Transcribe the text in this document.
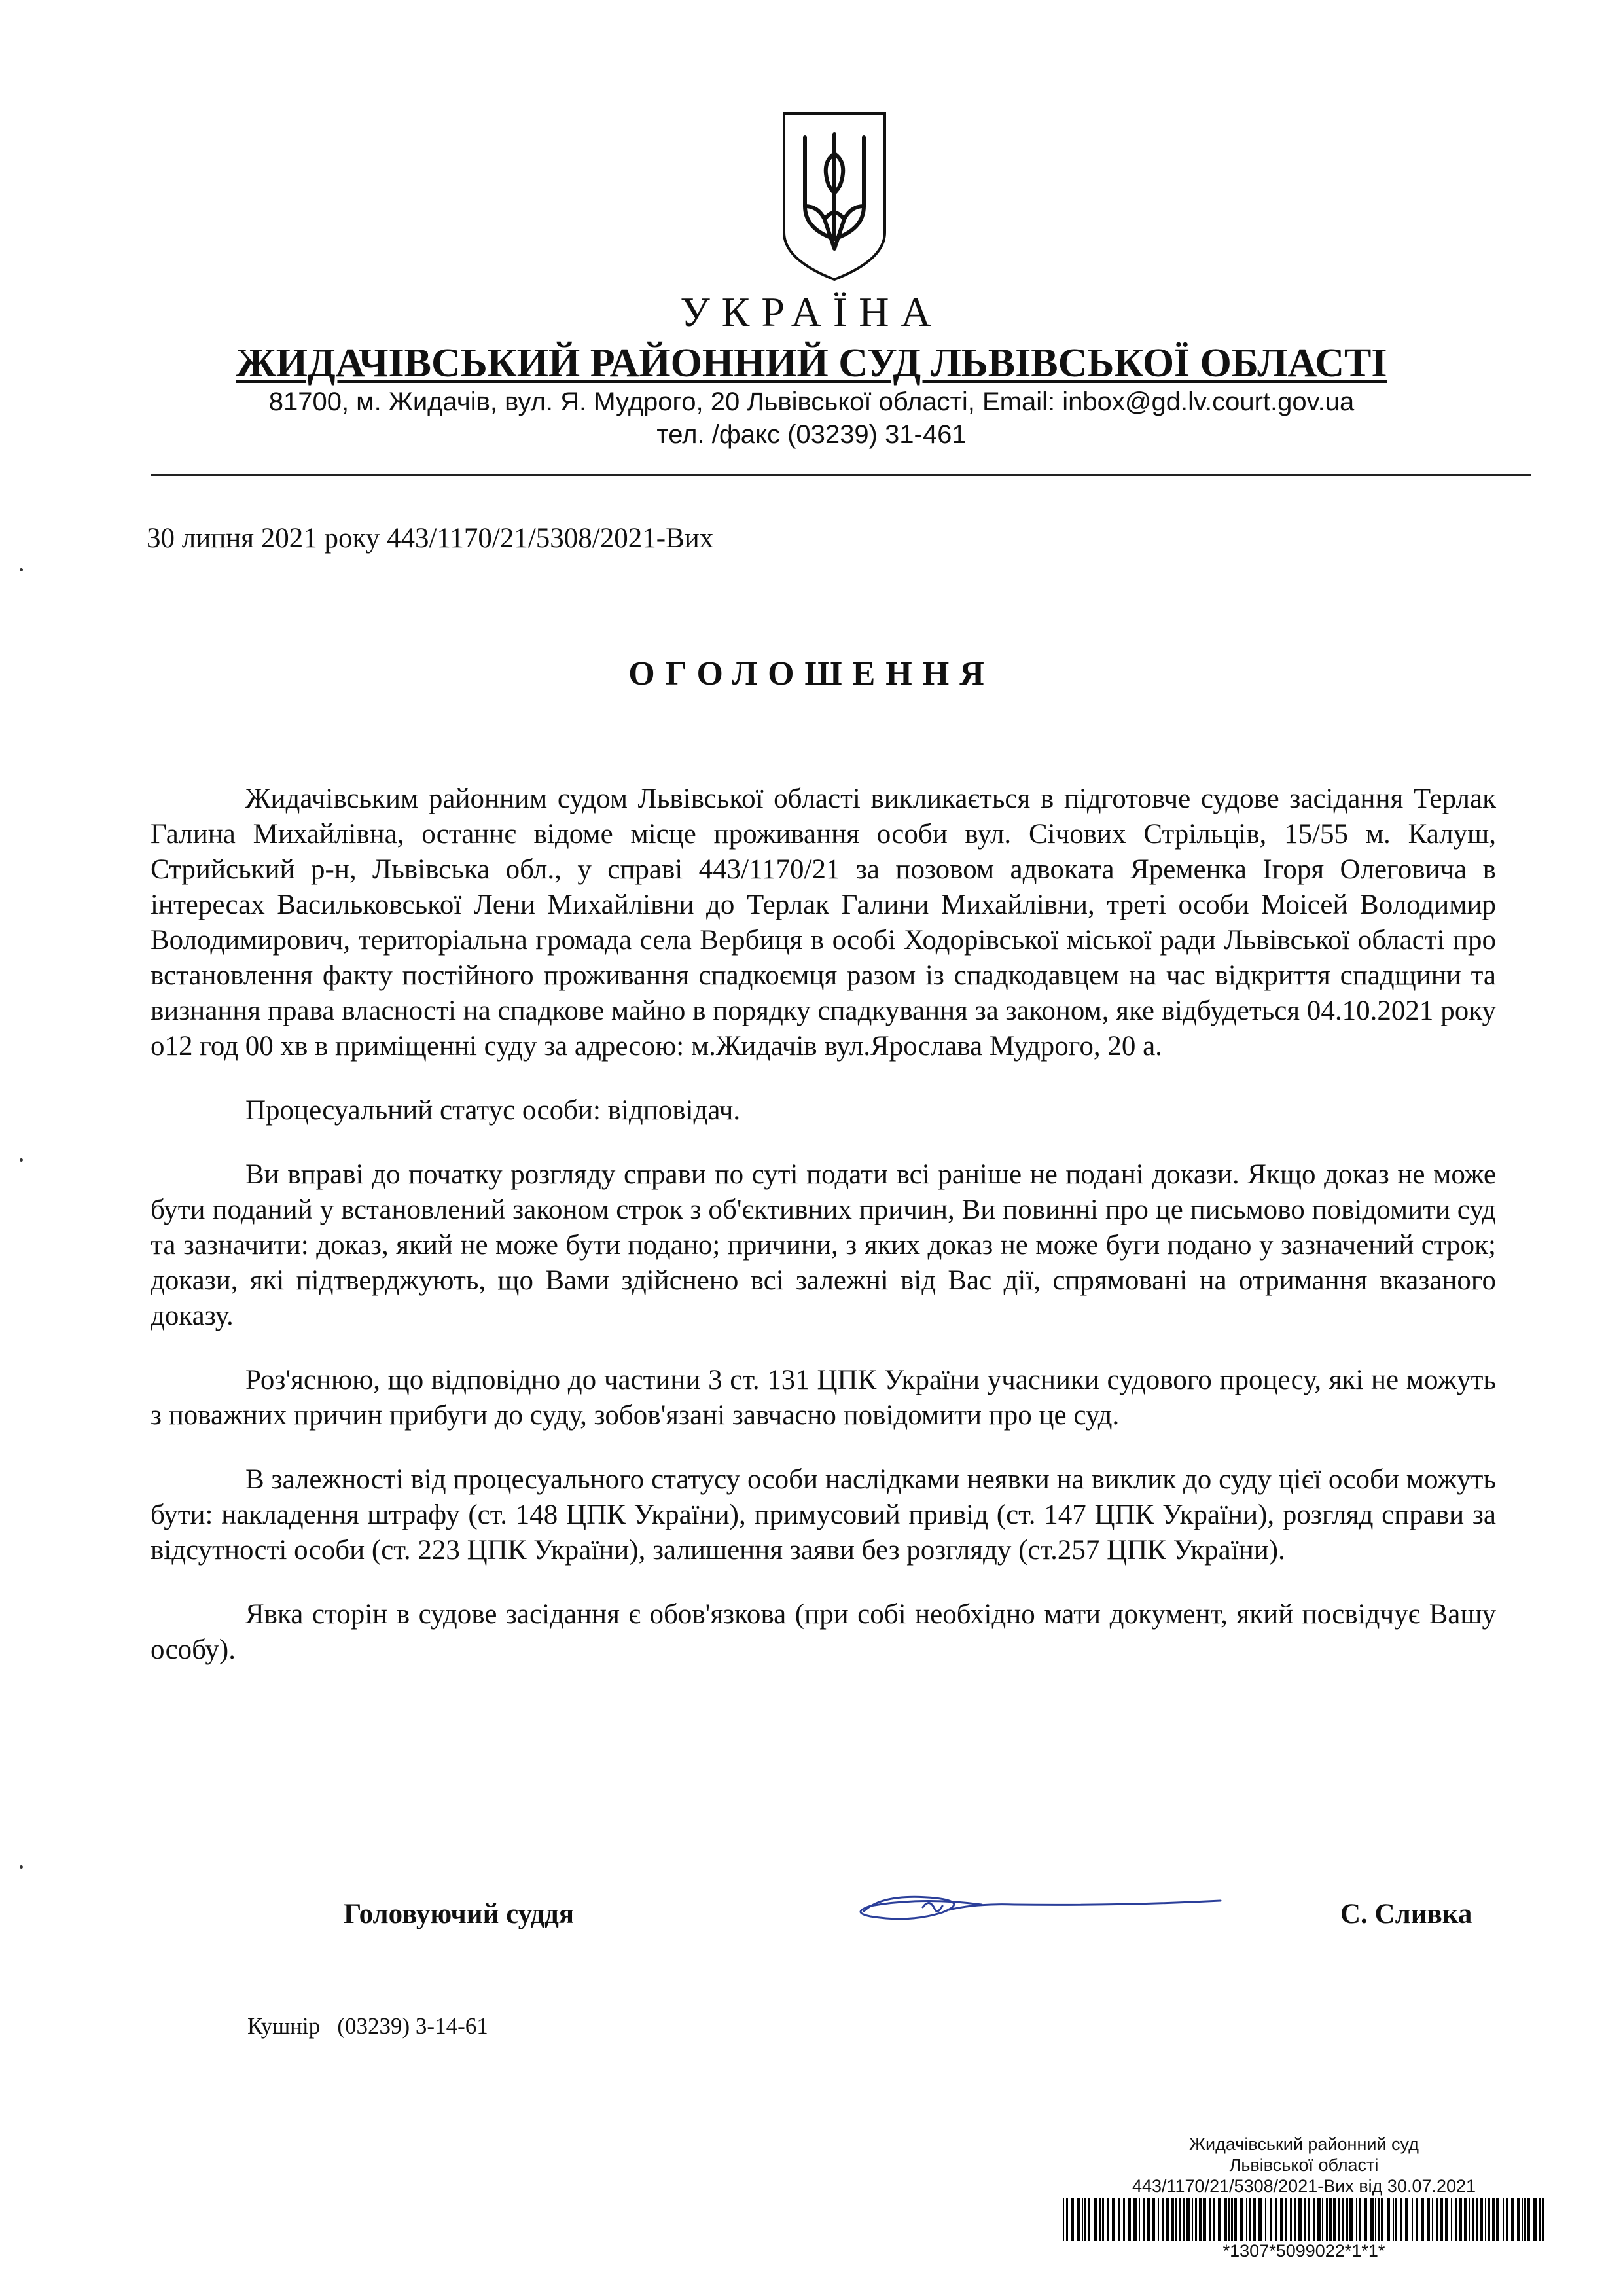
УКРАЇНА
ЖИДАЧІВСЬКИЙ РАЙОННИЙ СУД ЛЬВІВСЬКОЇ ОБЛАСТІ
81700, м. Жидачів, вул. Я. Мудрого, 20 Львівської області, Email: inbox@gd.lv.court.gov.ua
тел. /факс (03239) 31-461
30 липня 2021 року 443/1170/21/5308/2021-Вих
ОГОЛОШЕННЯ

Жидачівським районним судом Львівської області викликається в підготовче судове засідання Терлак Галина Михайлівна, останнє відоме місце проживання особи вул. Січових Стрільців, 15/55 м. Калуш, Стрийський р-н, Львівська обл., у справі 443/1170/21 за позовом адвоката Яременка Ігоря Олеговича в інтересах Васильковської Лени Михайлівни до Терлак Галини Михайлівни, треті особи Моісей Володимир Володимирович, територіальна громада села Вербиця в особі Ходорівської міської ради Львівської області про встановлення факту постійного проживання спадкоємця разом із спадкодавцем на час відкриття спадщини та визнання права власності на спадкове майно в порядку спадкування за законом, яке відбудеться 04.10.2021 року о12 год 00 хв в приміщенні суду за адресою: м.Жидачів вул.Ярослава Мудрого, 20 а.

Процесуальний статус особи: відповідач.

Ви вправі до початку розгляду справи по суті подати всі раніше не подані докази. Якщо доказ не може бути поданий у встановлений законом строк з об'єктивних причин, Ви повинні про це письмово повідомити суд та зазначити: доказ, який не може бути подано; причини, з яких доказ не може буги подано у зазначений строк; докази, які підтверджують, що Вами здійснено всі залежні від Вас дії, спрямовані на отримання вказаного доказу.

Роз'яснюю, що відповідно до частини 3 ст. 131 ЦПК України учасники судового процесу, які не можуть з поважних причин прибуги до суду, зобов'язані завчасно повідомити про це суд.

В залежності від процесуального статусу особи наслідками неявки на виклик до суду цієї особи можуть бути: накладення штрафу (ст. 148 ЦПК України), примусовий привід (ст. 147 ЦПК України), розгляд справи за відсутності особи (ст. 223 ЦПК України), залишення заяви без розгляду (ст.257 ЦПК України).

Явка сторін в судове засідання є обов'язкова (при собі необхідно мати документ, який посвідчує Вашу особу).

Головуючий суддя	С. Сливка
Кушнір   (03239) 3-14-61
Жидачівський районний суд
Львівської області
443/1170/21/5308/2021-Вих від 30.07.2021
*1307*5099022*1*1*
